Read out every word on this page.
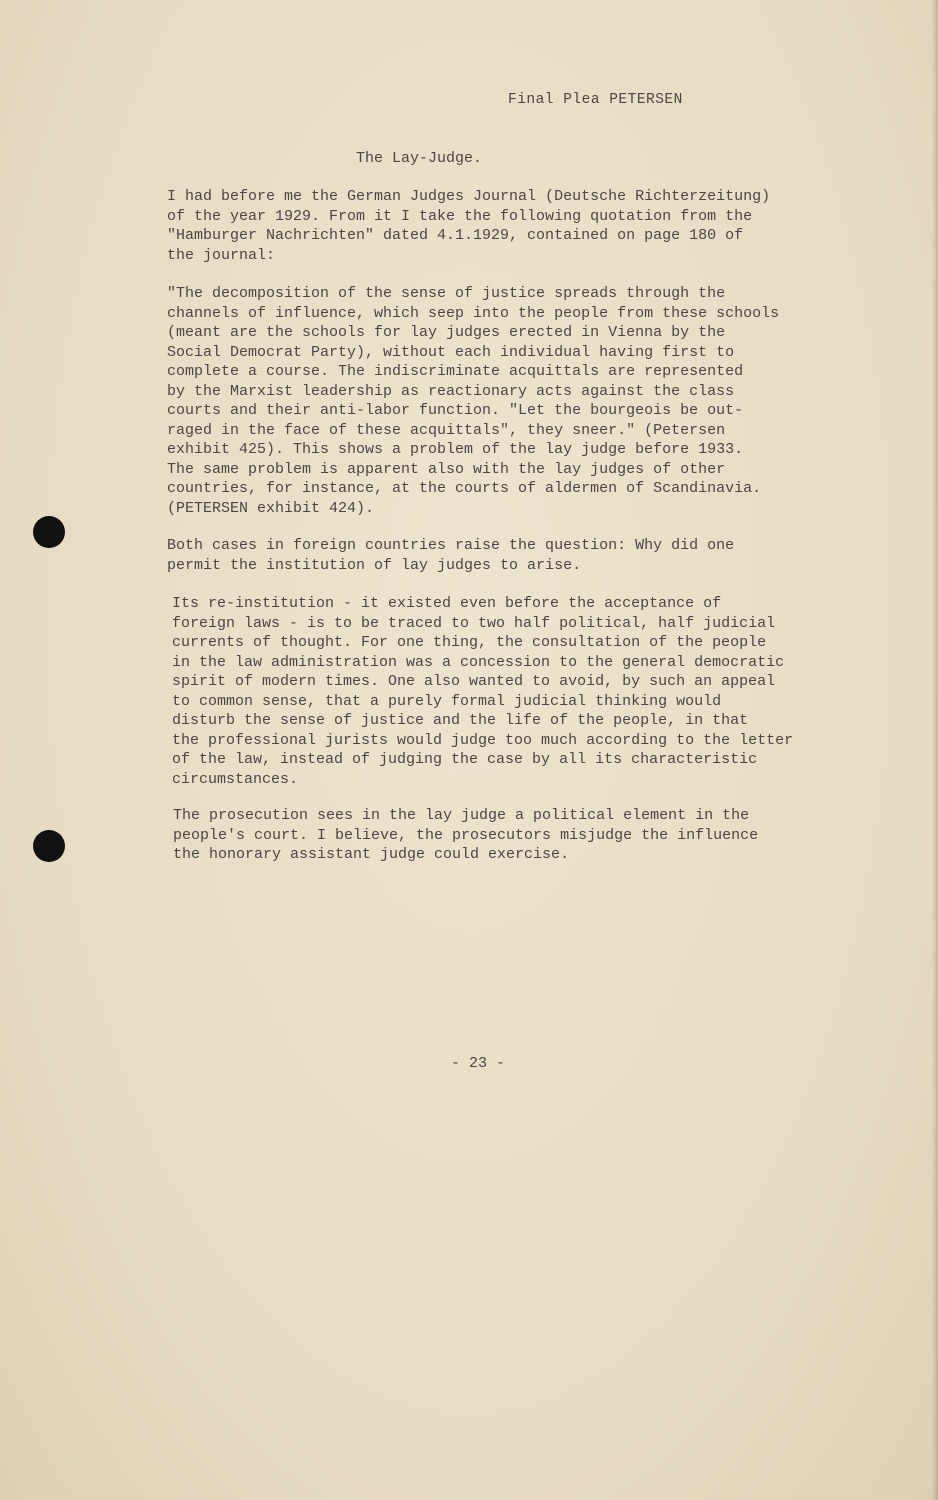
Final Plea PETERSEN
The Lay-Judge.

I had before me the German Judges Journal (Deutsche Richterzeitung)
of the year 1929. From it I take the following quotation from the
"Hamburger Nachrichten" dated 4.1.1929, contained on page 180 of
the journal:

"The decomposition of the sense of justice spreads through the
channels of influence, which seep into the people from these schools
(meant are the schools for lay judges erected in Vienna by the
Social Democrat Party), without each individual having first to
complete a course. The indiscriminate acquittals are represented
by the Marxist leadership as reactionary acts against the class
courts and their anti-labor function. "Let the bourgeois be out-
raged in the face of these acquittals", they sneer." (Petersen
exhibit 425). This shows a problem of the lay judge before 1933.
The same problem is apparent also with the lay judges of other
countries, for instance, at the courts of aldermen of Scandinavia.
(PETERSEN exhibit 424).

Both cases in foreign countries raise the question: Why did one
permit the institution of lay judges to arise.

Its re-institution - it existed even before the acceptance of
foreign laws - is to be traced to two half political, half judicial
currents of thought. For one thing, the consultation of the people
in the law administration was a concession to the general democratic
spirit of modern times. One also wanted to avoid, by such an appeal
to common sense, that a purely formal judicial thinking would
disturb the sense of justice and the life of the people, in that
the professional jurists would judge too much according to the letter
of the law, instead of judging the case by all its characteristic
circumstances.

The prosecution sees in the lay judge a political element in the
people's court. I believe, the prosecutors misjudge the influence
the honorary assistant judge could exercise.

- 23 -
